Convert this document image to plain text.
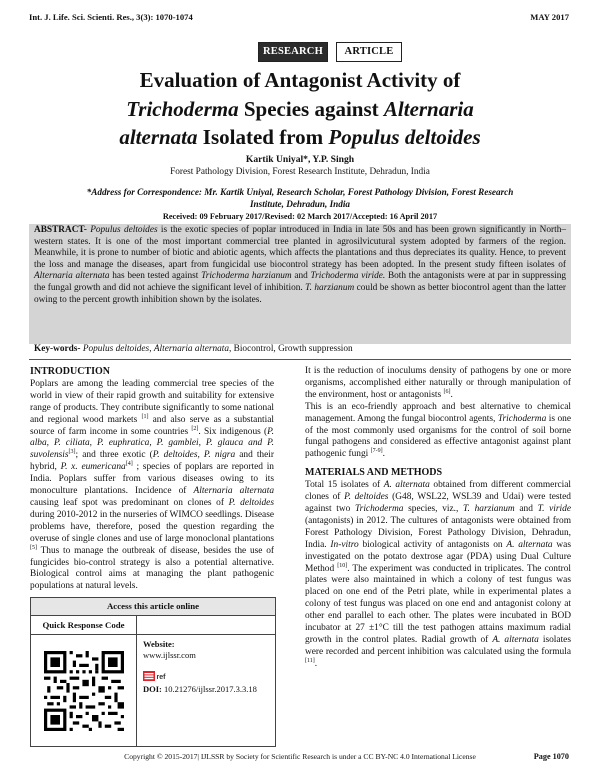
Int. J. Life. Sci. Scienti. Res., 3(3): 1070-1074	MAY 2017
RESEARCH	ARTICLE
Evaluation of Antagonist Activity of
Trichoderma Species against Alternaria
alternata Isolated from Populus deltoides
Kartik Uniyal*, Y.P. Singh
Forest Pathology Division, Forest Research Institute, Dehradun, India
*Address for Correspondence: Mr. Kartik Uniyal, Research Scholar, Forest Pathology Division, Forest Research Institute, Dehradun, India
Received: 09 February 2017/Revised: 02 March 2017/Accepted: 16 April 2017
ABSTRACT- Populus deltoides is the exotic species of poplar introduced in India in late 50s and has been grown significantly in North– western states. It is one of the most important commercial tree planted in agrosilvicutural system adopted by farmers of the region. Meanwhile, it is prone to number of biotic and abiotic agents, which affects the plantations and thus depreciates its quality. Hence, to prevent the loss and manage the diseases, apart from fungicidal use biocontrol strategy has been adopted. In the present study fifteen isolates of Alternaria alternata has been tested against Trichoderma harzianum and Trichoderma viride. Both the antagonists were at par in suppressing the fungal growth and did not achieve the significant level of inhibition. T. harzianum could be shown as better biocontrol agent than the latter owing to the percent growth inhibition shown by the isolates.
Key-words- Populus deltoides, Alternaria alternata, Biocontrol, Growth suppression
INTRODUCTION

Poplars are among the leading commercial tree species of the world in view of their rapid growth and suitability for extensive range of products. They contribute significantly to some national and regional wood markets [1] and also serve as a substantial source of farm income in some countries [2]. Six indigenous (P. alba, P. ciliata, P. euphratica, P. gamblei, P. glauca and P. suvolensis[3]; and three exotic (P. deltoides, P. nigra and their hybrid, P. x. eumericana[4] ; species of poplars are reported in India. Poplars suffer from various diseases owing to its monoculture plantations. Incidence of Alternaria alternata causing leaf spot was predominant on clones of P. deltoides during 2010-2012 in the nurseries of WIMCO seedlings. Disease problems have, therefore, posed the question regarding the overuse of single clones and use of large monoclonal plantations [5] Thus to manage the outbreak of disease, besides the use of fungicides bio-control strategy is also a potential alternative. Biological control aims at managing the plant pathogenic populations at natural levels.

Access this article online
Quick Response Code
Website:
www.ijlssr.com
ref
DOI: 10.21276/ijlssr.2017.3.3.18

It is the reduction of inoculums density of pathogens by one or more organisms, accomplished either naturally or through manipulation of the environment, host or antagonists [6].

This is an eco-friendly approach and best alternative to chemical management. Among the fungal biocontrol agents, Trichoderma is one of the most commonly used organisms for the control of soil borne fungal pathogens and considered as effective antagonist against plant pathogenic fungi [7-9].

MATERIALS AND METHODS

Total 15 isolates of A. alternata obtained from different commercial clones of P. deltoides (G48, WSL22, WSL39 and Udai) were tested against two Trichoderma species, viz., T. harzianum and T. viride (antagonists) in 2012. The cultures of antagonists were obtained from Forest Pathology Division, Forest Pathology Division, Dehradun, India. In-vitro biological activity of antagonists on A. alternata was investigated on the potato dextrose agar (PDA) using Dual Culture Method [10]. The experiment was conducted in triplicates. The control plates were also maintained in which a colony of test fungus was placed on one end of the Petri plate, while in experimental plates a colony of test fungus was placed on one end and antagonist colony at other end parallel to each other. The plates were incubated in BOD incubator at 27 ±1°C till the test pathogen attains maximum radial growth in the control plates. Radial growth of A. alternata isolates were recorded and percent inhibition was calculated using the formula [11].

Copyright © 2015-2017| IJLSSR by Society for Scientific Research is under a CC BY-NC 4.0 International License	Page 1070
